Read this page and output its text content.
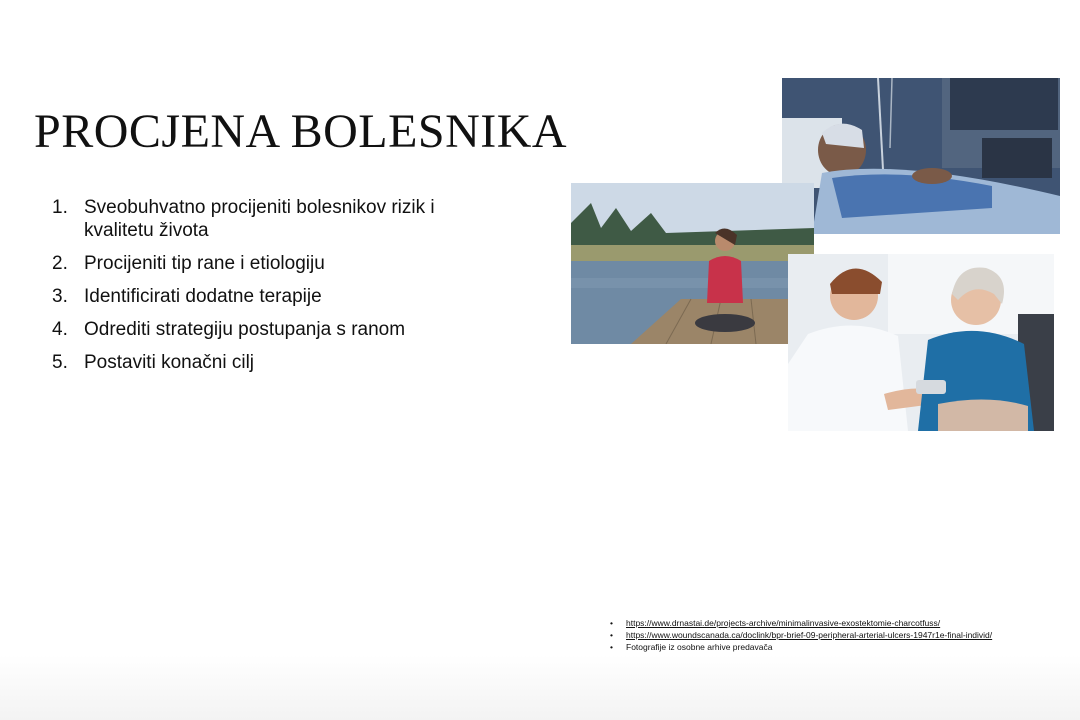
PROCJENA BOLESNIKA
1. Sveobuhvatno procijeniti bolesnikov rizik i kvalitetu života
2. Procijeniti tip rane i etiologiju
3. Identificirati dodatne terapije
4. Odrediti strategiju postupanja s ranom
5. Postaviti konačni cilj
• https://www.drnastai.de/projects-archive/minimalinvasive-exostektomie-charcotfuss/
• https://www.woundscanada.ca/doclink/bpr-brief-09-peripheral-arterial-ulcers-1947r1e-final-individ/
• Fotografije iz osobne arhive predavača
